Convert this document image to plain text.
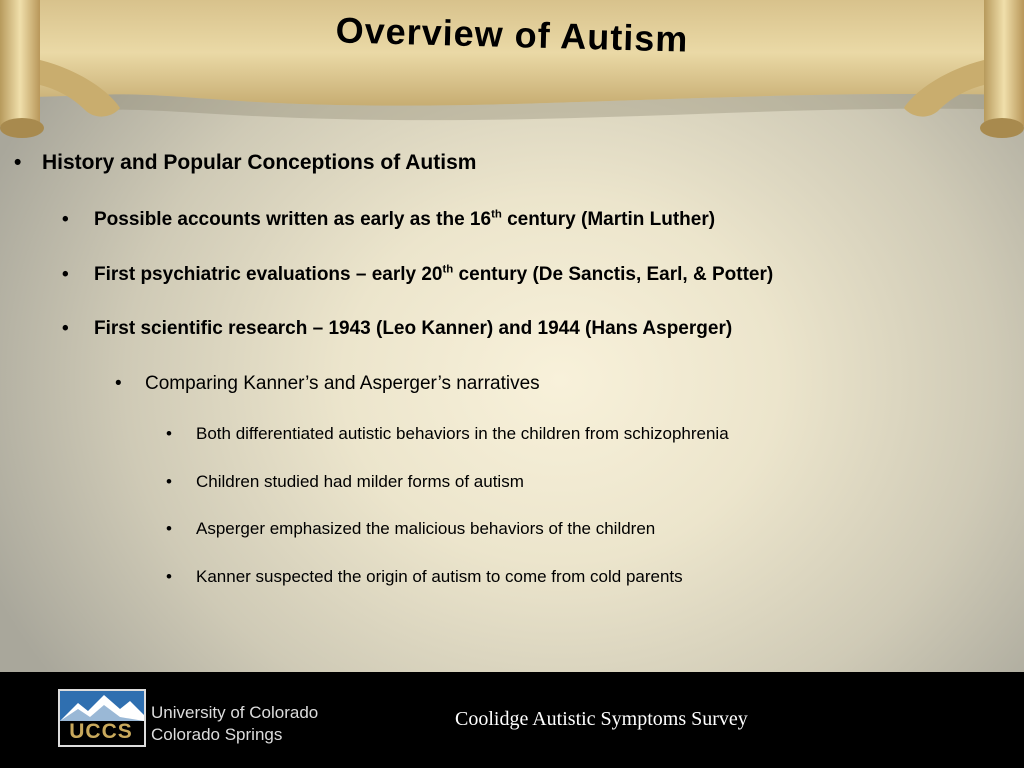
Overview of Autism
• History and Popular Conceptions of Autism
• Possible accounts written as early as the 16th century (Martin Luther)
• First psychiatric evaluations – early 20th century (De Sanctis, Earl, & Potter)
• First scientific research – 1943 (Leo Kanner) and 1944 (Hans Asperger)
• Comparing Kanner’s and Asperger’s narratives
• Both differentiated autistic behaviors in the children from schizophrenia
• Children studied had milder forms of autism
• Asperger emphasized the malicious behaviors of the children
• Kanner suspected the origin of autism to come from cold parents
UCCS
University of Colorado
Colorado Springs
Coolidge Autistic Symptoms Survey
